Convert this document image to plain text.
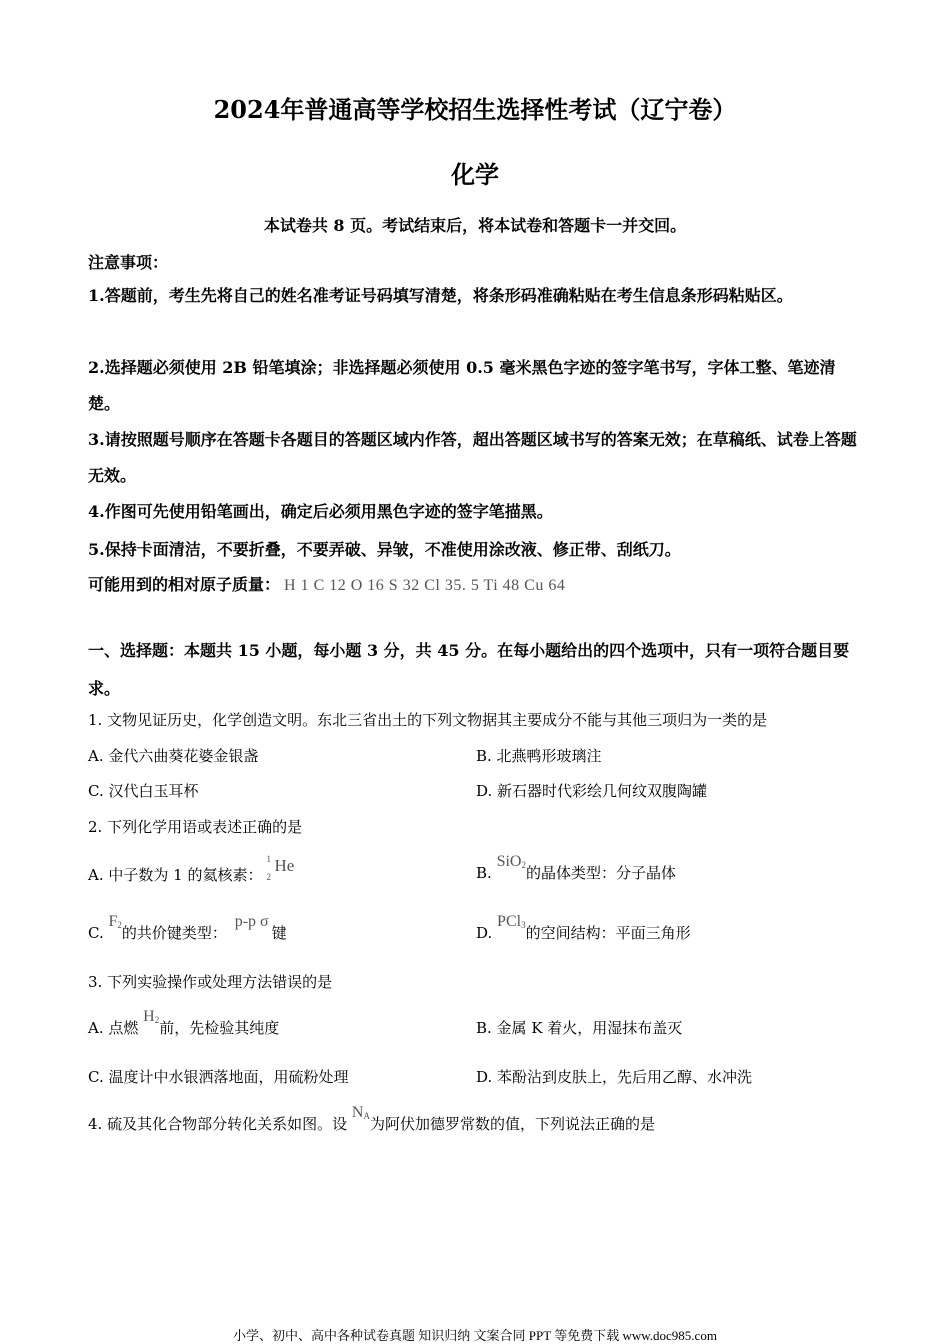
2024年普通高等学校招生选择性考试（辽宁卷）
化学
本试卷共 8 页。考试结束后，将本试卷和答题卡一并交回。
注意事项：
1.答题前，考生先将自己的姓名准考证号码填写清楚，将条形码准确粘贴在考生信息条形码粘贴区。
2.选择题必须使用 2B 铅笔填涂；非选择题必须使用 0.5 毫米黑色字迹的签字笔书写，字体工整、笔迹清楚。
3.请按照题号顺序在答题卡各题目的答题区域内作答，超出答题区域书写的答案无效；在草稿纸、试卷上答题无效。
4.作图可先使用铅笔画出，确定后必须用黑色字迹的签字笔描黑。
5.保持卡面清洁，不要折叠，不要弄破、异皱，不准使用涂改液、修正带、刮纸刀。
可能用到的相对原子质量： H 1 C 12 O 16 S 32 Cl 35. 5 Ti 48 Cu 64
一、选择题：本题共 15 小题，每小题 3 分，共 45 分。在每小题给出的四个选项中，只有一项符合题目要求。
1. 文物见证历史，化学创造文明。东北三省出土的下列文物据其主要成分不能与其他三项归为一类的是
A. 金代六曲葵花婆金银盏	B. 北燕鸭形玻璃注
C. 汉代白玉耳杯	D. 新石器时代彩绘几何纹双腹陶罐
2. 下列化学用语或表述正确的是
A. 中子数为 1 的氦核素：
1
2
He	B. SiO$_2$的晶体类型：分子晶体
C. $F_2$的共价键类型： p-p σ键	D. PCl$_3$的空间结构：平面三角形
3. 下列实验操作或处理方法错误的是
A. 点燃 $H_2$前，先检验其纯度	B. 金属 K 着火，用湿抹布盖灭
C. 温度计中水银洒落地面，用硫粉处理	D. 苯酚沾到皮肤上，先后用乙醇、水冲洗
4. 硫及其化合物部分转化关系如图。设 $N_A$为阿伏加德罗常数的值，下列说法正确的是
小学、初中、高中各种试卷真题 知识归纳 文案合同 PPT 等免费下载 www.doc985.com
